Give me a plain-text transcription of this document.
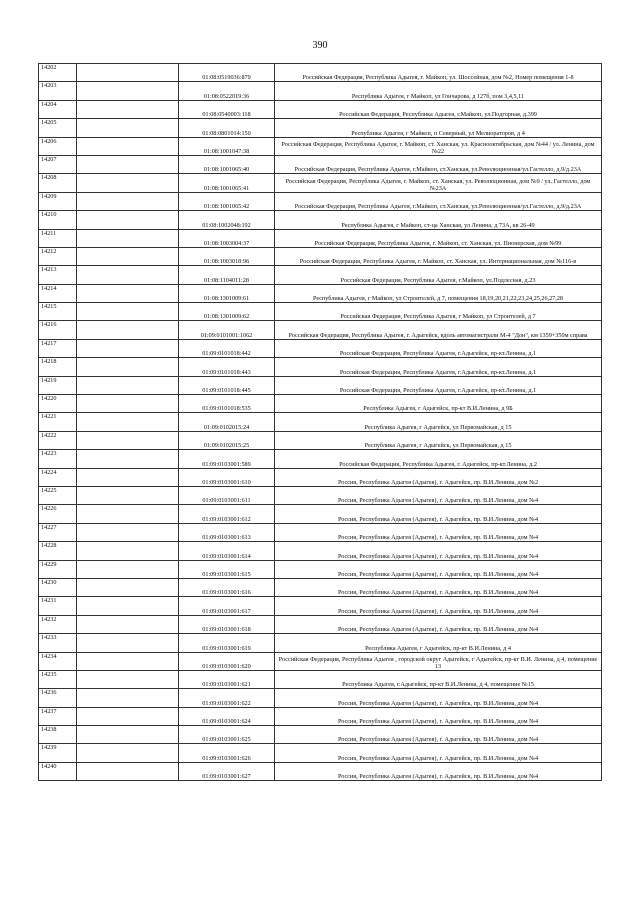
390
14202		01:08:0519036:879	Российская Федерация, Республика Адыгея, г. Майкоп, ул. Шоссейная, дом №2, Номер помещения 1-8
14203		01:08:0522019:36	Республика Адыгея, г Майкоп, ул Гончарова, д 127б, пом 3,4,5,11
14204		01:08:0540003:118	Российская Федерация, Республика Адыгея, г.Майкоп, ул.Подгорная, д.399
14205		01:08:0801014:150	Республика Адыгея, г Майкоп, п Северный, ул Мелиораторов, д 4
14206		01:08:1001047:38	Российская Федерация, Республика Адыгея, г. Майкоп, ст. Ханская, ул. Краснооктябрьская, дом №44 / ул. Ленина, дом №22
14207		01:08:1001065:40	Российская Федерация, Республика Адыгея, г.Майкоп, ст.Ханская, ул.Революционная/ул.Гастелло, д.9/д.23А
14208		01:08:1001065:41	Российская Федерация, Республика Адыгея, г. Майкоп, ст. Ханская, ул. Революционная, дом №9 / ул. Гастелло, дом №23А
14209		01:08:1001065:42	Российская Федерация, Республика Адыгея, г.Майкоп, ст.Ханская, ул.Революционная/ул.Гастелло, д.9/д.23А
14210		01:08:1002048:192	Республика Адыгея, г Майкоп, ст-ца Ханская, ул Ленина, д 73А, кв 26-49
14211		01:08:1003004:37	Российская Федерация, Республика Адыгея, г. Майкоп, ст. Ханская, ул. Пионерская, дом №99
14212		01:08:1003018:96	Российская Федерация, Республика Адыгея, г. Майкоп, ст. Ханская, ул. Интернациональная, дом №116-в
14213		01:08:1104011:28	Российская Федерация, Республика Адыгея, г.Майкоп, ул.Подлесная, д.23
14214		01:08:1301009:61	Республика Адыгея, г Майкоп, ул Строителей, д 7, помещения 18,19,20,21,22,23,24,25,26,27,28
14215		01:08:1301009:62	Российская Федерация, Республика Адыгея, г Майкоп, ул Строителей, д 7
14216		01:09:0101001:1062	Российская Федерация, Республика Адыгея, г. Адыгейск, вдоль автомагистрали М-4 "Дон", км 1359+350м справа
14217		01:09:0101018:442	Российская Федерация, Республика Адыгея, г.Адыгейск, пр-кт.Ленина, д.1
14218		01:09:0101018:443	Российская Федерация, Республика Адыгея, г.Адыгейск, пр-кт.Ленина, д.1
14219		01:09:0101018:445	Российская Федерация, Республика Адыгея, г.Адыгейск, пр-кт.Ленина, д.1
14220		01:09:0101018:535	Республика Адыгея, г Адыгейск, пр-кт В.И.Ленина, д 9Б
14221		01:09:0102015:24	Республика Адыгея, г Адыгейск, ул Первомайская, д 15
14222		01:09:0102015:25	Республика Адыгея, г Адыгейск, ул Первомайская, д 15
14223		01:09:0103001:589	Российская Федерация, Республика Адыгея, г. Адыгейск, пр-кт.Ленина, д.2
14224		01:09:0103001:610	Россия, Республика Адыгея (Адыгея), г. Адыгейск, пр. В.И.Ленина, дом №2
14225		01:09:0103001:611	Россия, Республика Адыгея (Адыгея), г. Адыгейск, пр. В.И.Ленина, дом №4
14226		01:09:0103001:612	Россия, Республика Адыгея (Адыгея), г. Адыгейск, пр. В.И.Ленина, дом №4
14227		01:09:0103001:613	Россия, Республика Адыгея (Адыгея), г. Адыгейск, пр. В.И.Ленина, дом №4
14228		01:09:0103001:614	Россия, Республика Адыгея (Адыгея), г. Адыгейск, пр. В.И.Ленина, дом №4
14229		01:09:0103001:615	Россия, Республика Адыгея (Адыгея), г. Адыгейск, пр. В.И.Ленина, дом №4
14230		01:09:0103001:616	Россия, Республика Адыгея (Адыгея), г. Адыгейск, пр. В.И.Ленина, дом №4
14231		01:09:0103001:617	Россия, Республика Адыгея (Адыгея), г. Адыгейск, пр. В.И.Ленина, дом №4
14232		01:09:0103001:618	Россия, Республика Адыгея (Адыгея), г. Адыгейск, пр. В.И.Ленина, дом №4
14233		01:09:0103001:619	Республика Адыгея, г Адыгейск, пр-кт В.И.Ленина, д 4
14234		01:09:0103001:620	Российская Федерация, Республика Адыгея , городской округ Адыгейск, г Адыгейск, пр-кт В.И. Ленина, д 4, помещение 13
14235		01:09:0103001:621	Республика Адыгея, г.Адыгейск, пр-кт В.И.Ленина, д 4, помещение №15
14236		01:09:0103001:622	Россия, Республика Адыгея (Адыгея), г. Адыгейск, пр. В.И.Ленина, дом №4
14237		01:09:0103001:624	Россия, Республика Адыгея (Адыгея), г. Адыгейск, пр. В.И.Ленина, дом №4
14238		01:09:0103001:625	Россия, Республика Адыгея (Адыгея), г. Адыгейск, пр. В.И.Ленина, дом №4
14239		01:09:0103001:626	Россия, Республика Адыгея (Адыгея), г. Адыгейск, пр. В.И.Ленина, дом №4
14240		01:09:0103001:627	Россия, Республика Адыгея (Адыгея), г. Адыгейск, пр. В.И.Ленина, дом №4
